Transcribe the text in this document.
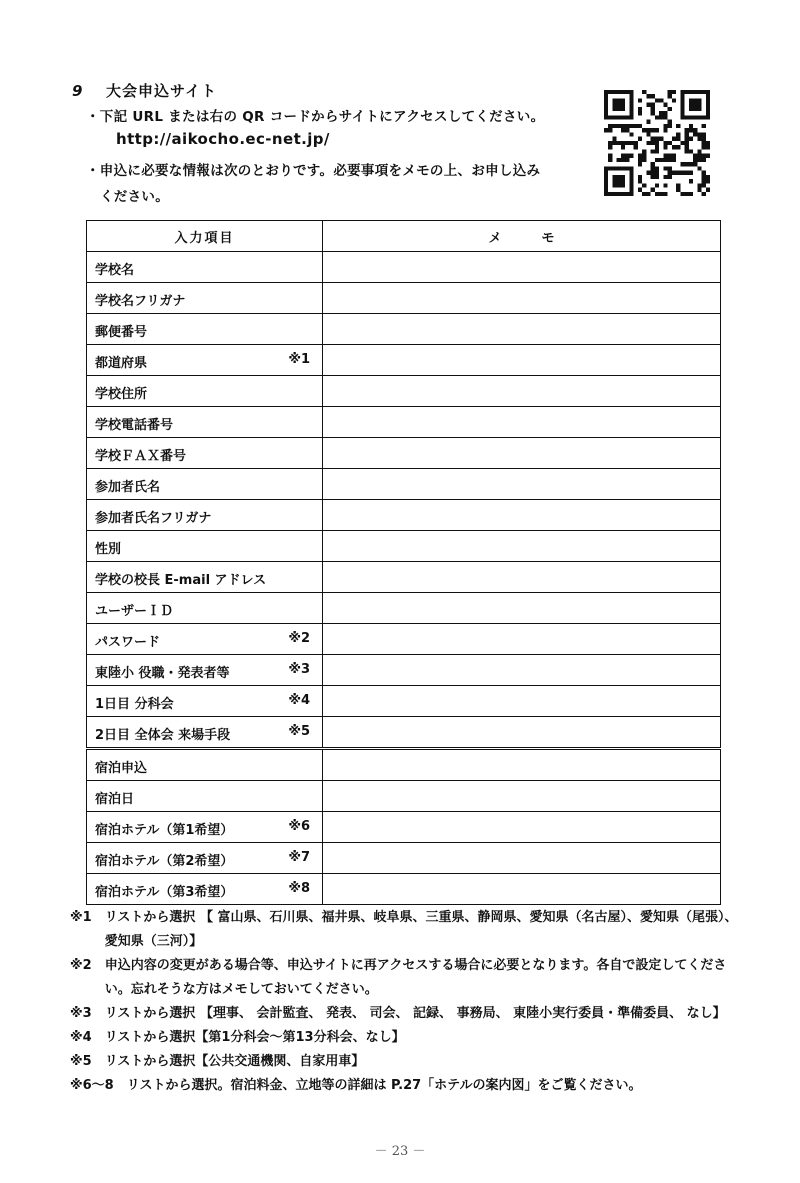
9 大会申込サイト
・下記 URL または右の QR コードからサイトにアクセスしてください。
http://aikocho.ec-net.jp/
・申込に必要な情報は次のとおりです。必要事項をメモの上、お申し込み
ください。
入力項目	メモ

学校名	

学校名フリガナ	

郵便番号	

都道府県 ※1	

学校住所	

学校電話番号	

学校ＦＡＸ番号	

参加者氏名	

参加者氏名フリガナ	

性別	

学校の校長 E-mail アドレス	

ユーザーＩＤ	

パスワード ※2	

東陸小 役職・発表者等 ※3	

1日目 分科会 ※4	

2日目 全体会 来場手段 ※5	

宿泊申込	

宿泊日	

宿泊ホテル（第1希望） ※6	

宿泊ホテル（第2希望） ※7	

宿泊ホテル（第3希望） ※8	

※1　 リストから選択 【 富山県、石川県、福井県、岐阜県、三重県、静岡県、愛知県（名古屋）、愛知県（尾張）、愛知県（三河）】
※2　 申込内容の変更がある場合等、申込サイトに再アクセスする場合に必要となります。各自で設定してください。忘れそうな方はメモしておいてください。
※3　 リストから選択 【理事、 会計監査、 発表、 司会、 記録、 事務局、 東陸小実行委員・準備委員、 なし】
※4　 リストから選択【第1分科会～第13分科会、なし】
※5　 リストから選択【公共交通機関、自家用車】
※6～8　 リストから選択。宿泊料金、立地等の詳細は P.27「ホテルの案内図」をご覧ください。
－ 23 －
